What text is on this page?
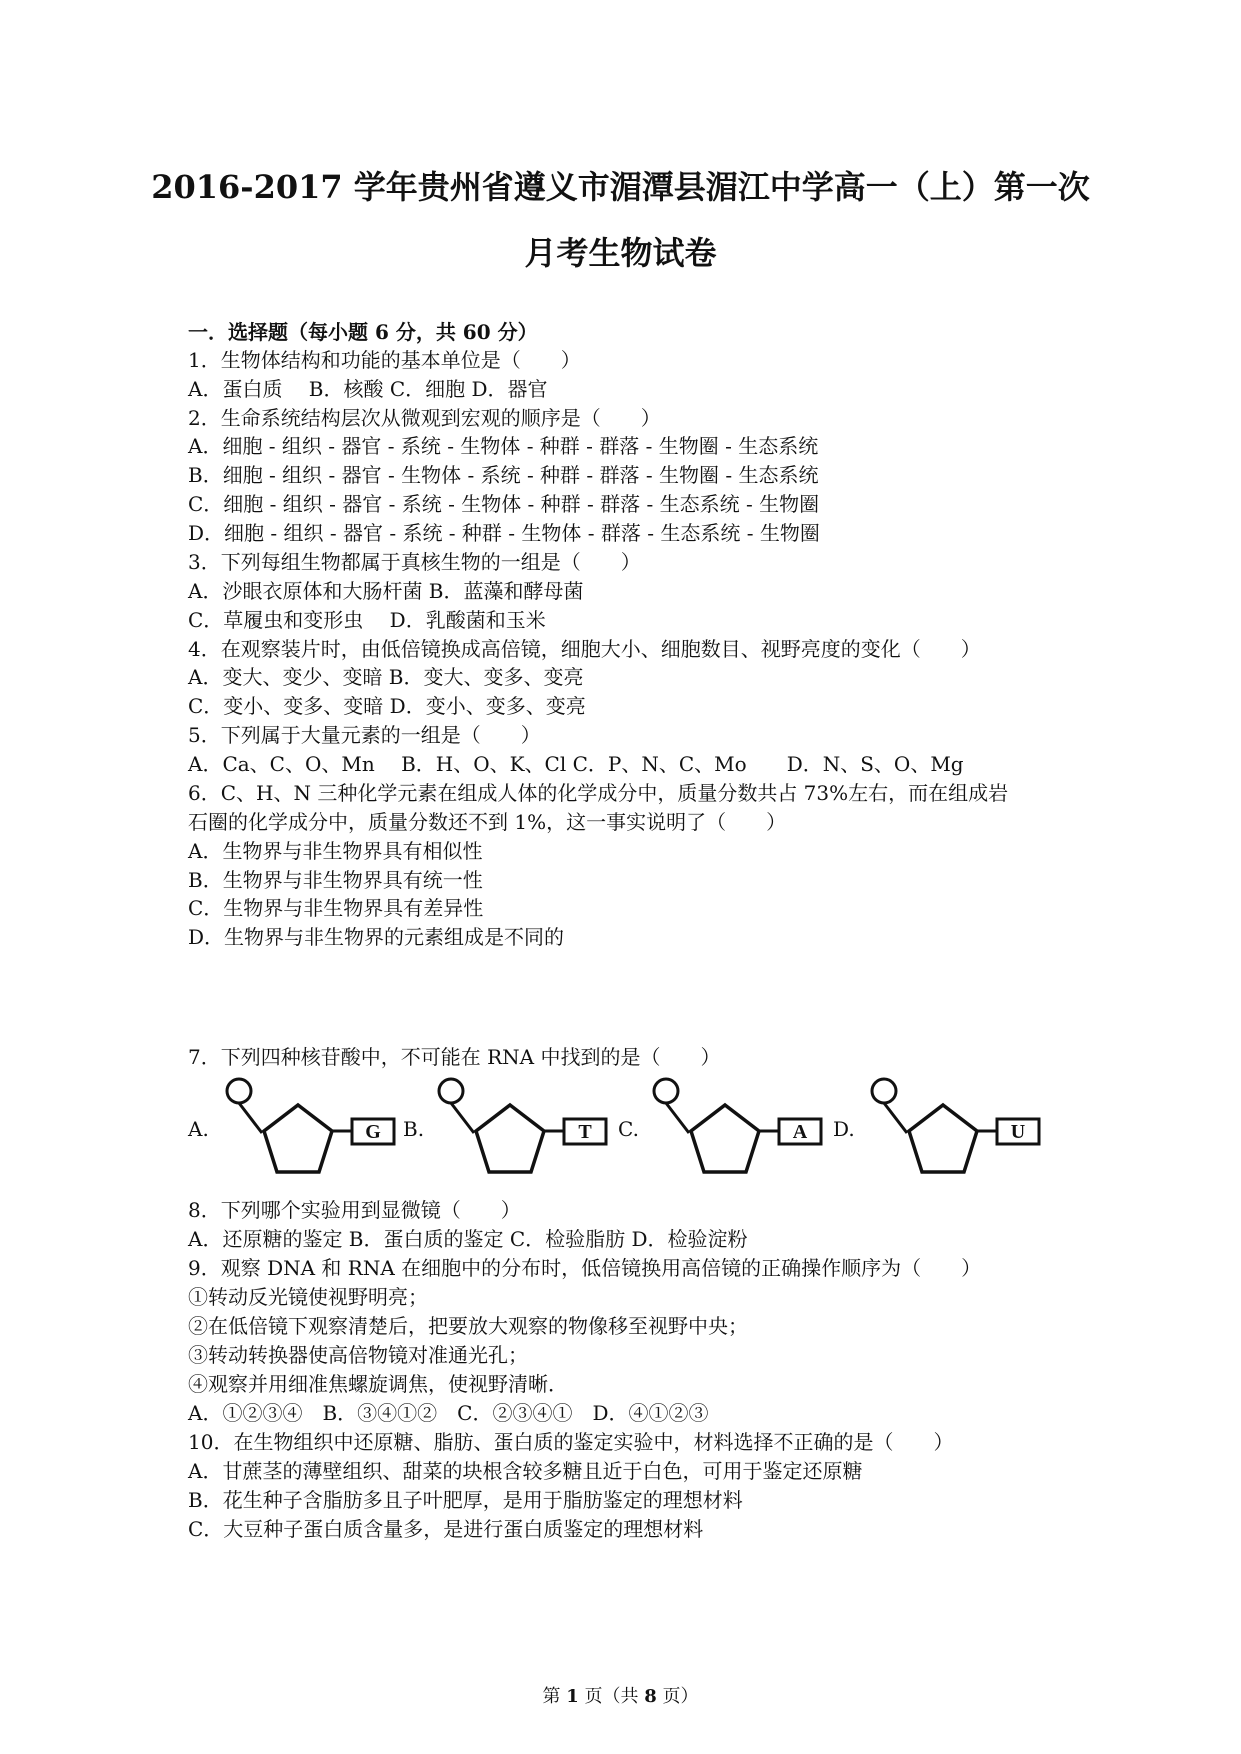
2016-2017 学年贵州省遵义市湄潭县湄江中学高一（上）第一次
月考生物试卷

一．选择题（每小题 6 分，共 60 分）

1．生物体结构和功能的基本单位是（　　）

A．蛋白质　 B．核酸 C．细胞 D．器官

2．生命系统结构层次从微观到宏观的顺序是（　　）

A．细胞 - 组织 - 器官 - 系统 - 生物体 - 种群 - 群落 - 生物圈 - 生态系统

B．细胞 - 组织 - 器官 - 生物体 - 系统 - 种群 - 群落 - 生物圈 - 生态系统

C．细胞 - 组织 - 器官 - 系统 - 生物体 - 种群 - 群落 - 生态系统 - 生物圈

D．细胞 - 组织 - 器官 - 系统 - 种群 - 生物体 - 群落 - 生态系统 - 生物圈

3．下列每组生物都属于真核生物的一组是（　　）

A．沙眼衣原体和大肠杆菌 B．蓝藻和酵母菌

C．草履虫和变形虫　 D．乳酸菌和玉米

4．在观察装片时，由低倍镜换成高倍镜，细胞大小、细胞数目、视野亮度的变化（　　）

A．变大、变少、变暗 B．变大、变多、变亮

C．变小、变多、变暗 D．变小、变多、变亮

5．下列属于大量元素的一组是（　　）

A．Ca、C、O、Mn　 B．H、O、K、Cl C．P、N、C、Mo　　D．N、S、O、Mg

6．C、H、N 三种化学元素在组成人体的化学成分中，质量分数共占 73%左右，而在组成岩

石圈的化学成分中，质量分数还不到 1%，这一事实说明了（　　）

A．生物界与非生物界具有相似性

B．生物界与非生物界具有统一性

C．生物界与非生物界具有差异性

D．生物界与非生物界的元素组成是不同的

7．下列四种核苷酸中，不可能在 RNA 中找到的是（　　）

A.	G B.	T C.	A D.	U

8．下列哪个实验用到显微镜（　　）

A．还原糖的鉴定 B．蛋白质的鉴定 C．检验脂肪 D．检验淀粉

9．观察 DNA 和 RNA 在细胞中的分布时，低倍镜换用高倍镜的正确操作顺序为（　　）

①转动反光镜使视野明亮；

②在低倍镜下观察清楚后，把要放大观察的物像移至视野中央；

③转动转换器使高倍物镜对准通光孔；

④观察并用细准焦螺旋调焦，使视野清晰．

A．①②③④　B．③④①②　C．②③④①　D．④①②③

10．在生物组织中还原糖、脂肪、蛋白质的鉴定实验中，材料选择不正确的是（　　）

A．甘蔗茎的薄壁组织、甜菜的块根含较多糖且近于白色，可用于鉴定还原糖

B．花生种子含脂肪多且子叶肥厚，是用于脂肪鉴定的理想材料

C．大豆种子蛋白质含量多，是进行蛋白质鉴定的理想材料

第 1 页（共 8 页）
